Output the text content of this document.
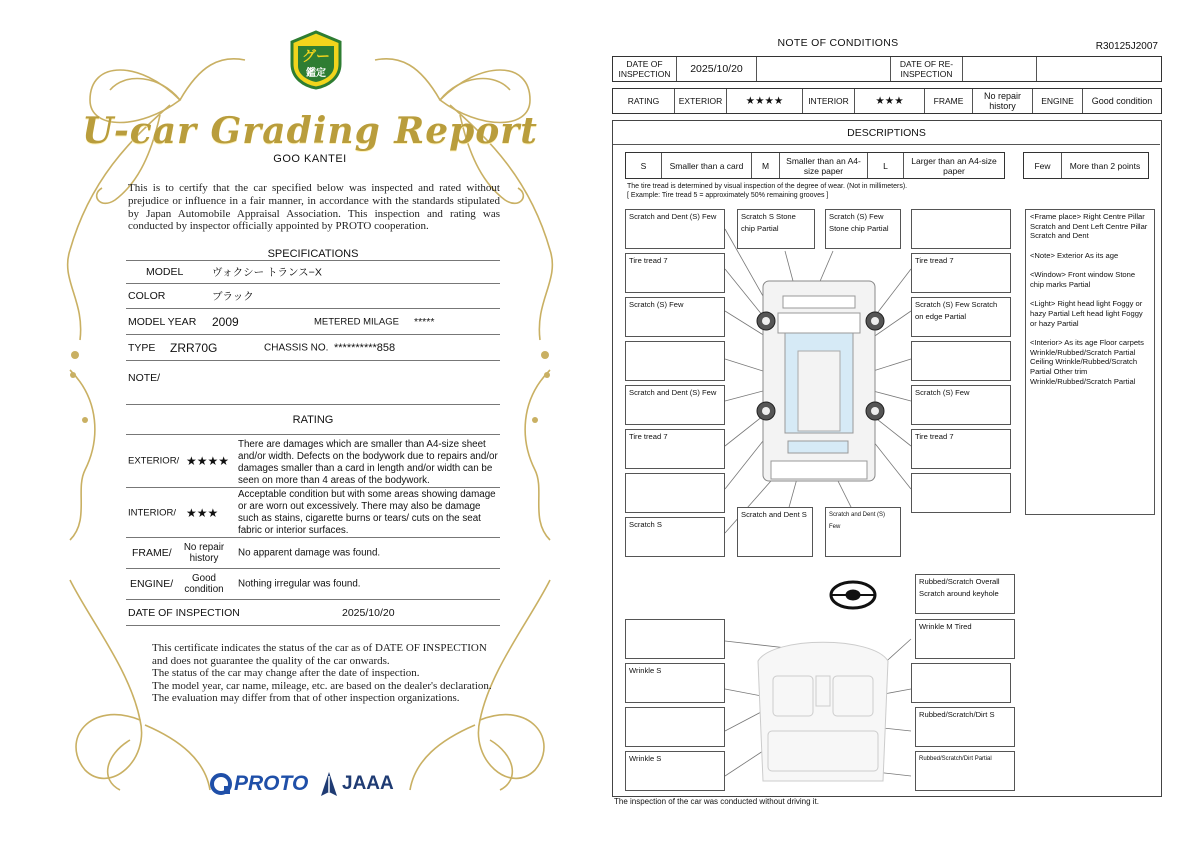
グー
鑑定
U-car Grading Report
GOO KANTEI
This is to certify that the car specified below was inspected and rated without prejudice or influence in a fair manner, in accordance with the standards stipulated by Japan Automobile Appraisal Association. This inspection and rating was conducted by inspector officially appointed by PROTO cooperation.
SPECIFICATIONS
MODEL	ヴォクシー トランス−X
COLOR	ブラック
MODEL YEAR 2009	METERED MILAGE *****
TYPE ZRR70G	CHASSIS NO. **********858
NOTE/
RATING
EXTERIOR/ ★★★★
There are damages which are smaller than A4-size sheet and/or width. Defects on the bodywork due to repairs and/or damages smaller than a card in length and/or width can be seen on more than 4 areas of the bodywork.
INTERIOR/ ★★★
Acceptable condition but with some areas showing damage or are worn out excessively. There may also be damage such as stains, cigarette burns or tears/ cuts on the seat fabric or interior surfaces.
FRAME/	No repair history	No apparent damage was found.
ENGINE/	Good condition	Nothing irregular was found.
DATE OF INSPECTION	2025/10/20
This certificate indicates the status of the car as of DATE OF INSPECTION and does not guarantee the quality of the car onwards.
The status of the car may change after the date of inspection.
The model year, car name, mileage, etc. are based on the dealer's declaration.
The evaluation may differ from that of other inspection organizations.
PROTO JAAA
NOTE OF CONDITIONS	R30125J2007
DATE OF INSPECTION	2025/10/20	DATE OF RE-INSPECTION
RATING	EXTERIOR	★★★★	INTERIOR	★★★	FRAME	No repair history	ENGINE	Good condition
DESCRIPTIONS
S	Smaller than a card	M	Smaller than an A4-size paper	L	Larger than an A4-size paper	Few	More than 2 points
The tire tread is determined by visual inspection of the degree of wear. (Not in millimeters).
[ Example: Tire tread 5 = approximately 50% remaining grooves ]
Scratch and Dent (S) Few
Tire tread 7
Scratch (S) Few
Scratch and Dent (S) Few
Tire tread 7
Scratch S
Scratch S Stone chip Partial
Scratch (S) Few Stone chip Partial
Tire tread 7
Scratch (S) Few Scratch on edge Partial
Scratch (S) Few
Tire tread 7
Scratch and Dent S	Scratch and Dent (S) Few
Rubbed/Scratch Overall Scratch around keyhole
Wrinkle M Tired
Wrinkle S
Rubbed/Scratch/Dirt S
Wrinkle S	Rubbed/Scratch/Dirt Partial

<Frame place> Right Centre Pillar Scratch and Dent Left Centre Pillar Scratch and Dent

<Note> Exterior As its age

<Window> Front window Stone chip marks Partial

<Light> Right head light Foggy or hazy Partial Left head light Foggy or hazy Partial

<Interior> As its age Floor carpets Wrinkle/Rubbed/Scratch Partial Ceiling Wrinkle/Rubbed/Scratch Partial Other trim Wrinkle/Rubbed/Scratch Partial

The inspection of the car was conducted without driving it.
